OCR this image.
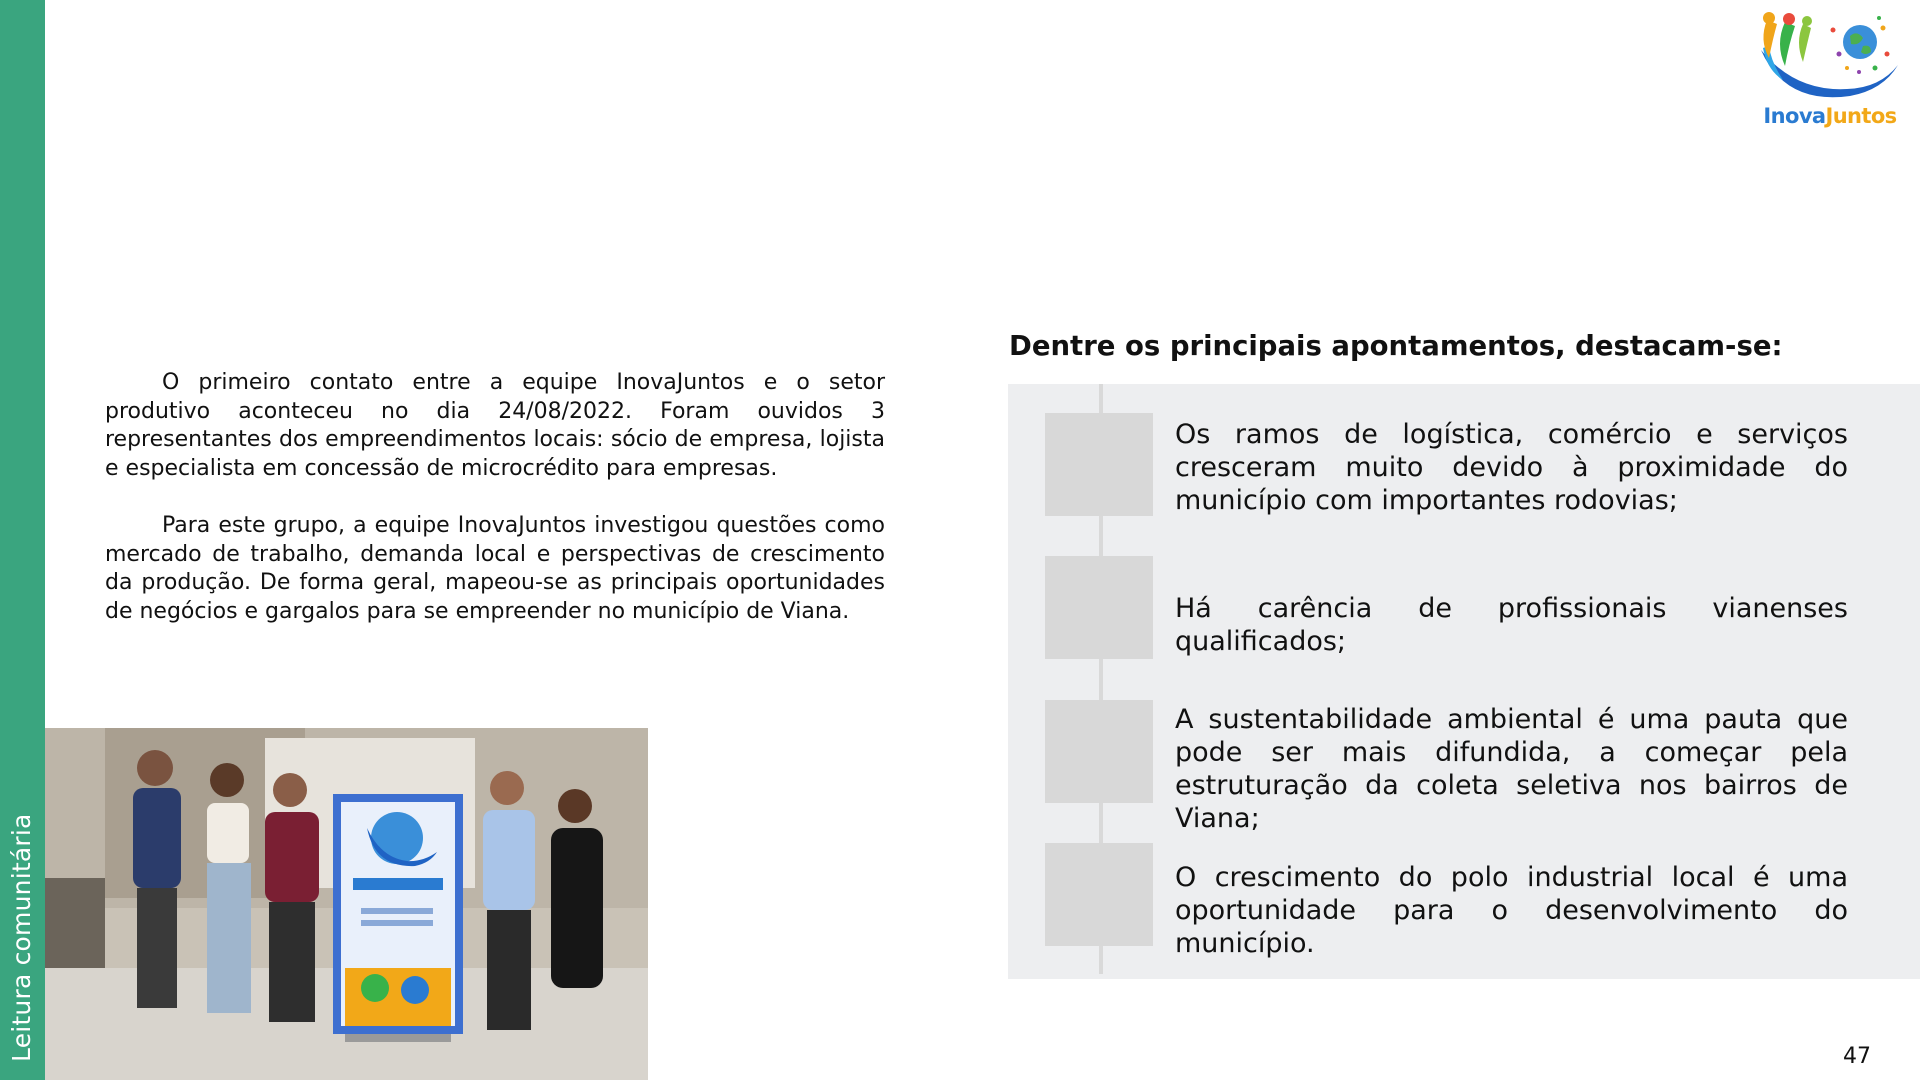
Leitura comunitária
InovaJuntos

O primeiro contato entre a equipe InovaJuntos e o setor produtivo aconteceu no dia 24/08/2022. Foram ouvidos 3 representantes dos empreendimentos locais: sócio de empresa, lojista e especialista em concessão de microcrédito para empresas.

Para este grupo, a equipe InovaJuntos investigou questões como mercado de trabalho, demanda local e perspectivas de crescimento da produção. De forma geral, mapeou-se as principais oportunidades de negócios e gargalos para se empreender no município de Viana.

Dentre os principais apontamentos, destacam-se:
Os ramos de logística, comércio e serviços cresceram muito devido à proximidade do município com importantes rodovias;
Há carência de profissionais vianenses qualificados;
A sustentabilidade ambiental é uma pauta que pode ser mais difundida, a começar pela estruturação da coleta seletiva nos bairros de Viana;
O crescimento do polo industrial local é uma oportunidade para o desenvolvimento do município.
47
